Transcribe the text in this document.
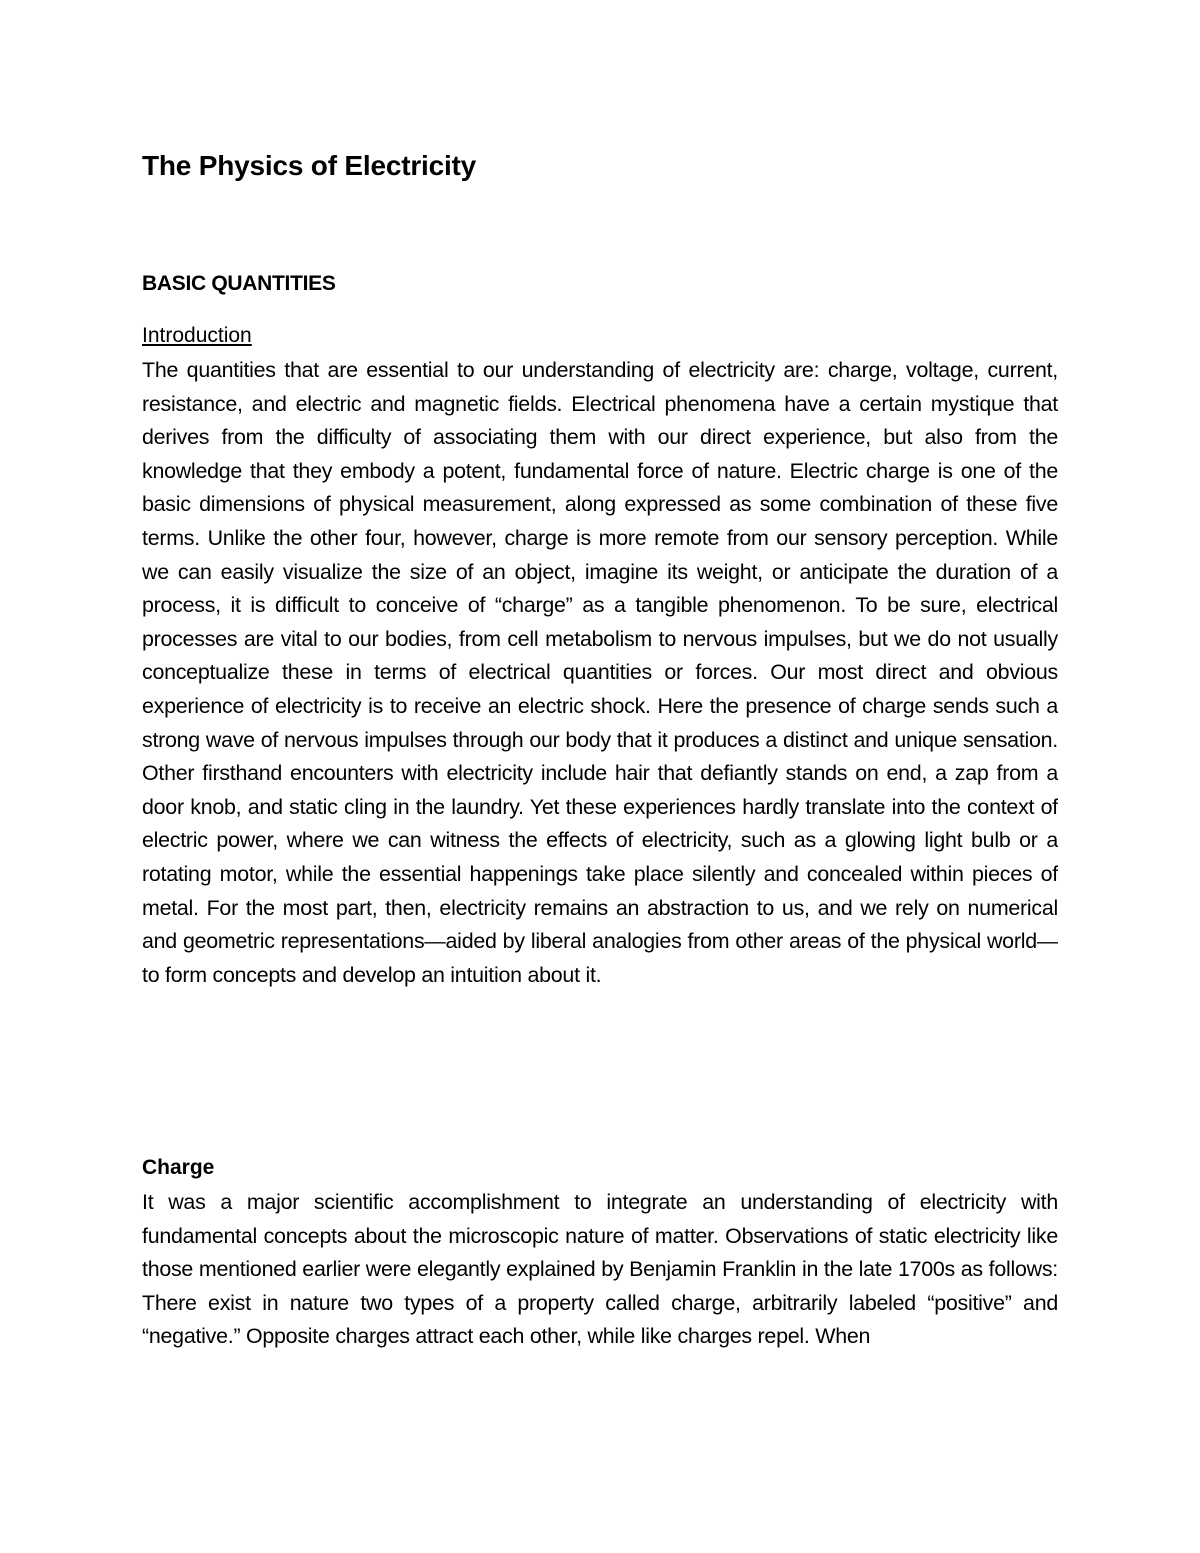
The Physics of Electricity
BASIC QUANTITIES
Introduction

The quantities that are essential to our understanding of electricity are: charge, voltage, current, resistance, and electric and magnetic fields. Electrical phenomena have a certain mystique that derives from the difficulty of associating them with our direct experience, but also from the knowledge that they embody a potent, fundamental force of nature. Electric charge is one of the basic dimensions of physical measurement, along expressed as some combination of these five terms. Unlike the other four, however, charge is more remote from our sensory perception. While we can easily visualize the size of an object, imagine its weight, or anticipate the duration of a process, it is difficult to conceive of “charge” as a tangible phenomenon. To be sure, electrical processes are vital to our bodies, from cell metabolism to nervous impulses, but we do not usually conceptualize these in terms of electrical quantities or forces. Our most direct and obvious experience of electricity is to receive an electric shock. Here the presence of charge sends such a strong wave of nervous impulses through our body that it produces a distinct and unique sensation. Other firsthand encounters with electricity include hair that defiantly stands on end, a zap from a door knob, and static cling in the laundry. Yet these experiences hardly translate into the context of electric power, where we can witness the effects of electricity, such as a glowing light bulb or a rotating motor, while the essential happenings take place silently and concealed within pieces of metal. For the most part, then, electricity remains an abstraction to us, and we rely on numerical and geometric representations—aided by liberal analogies from other areas of the physical world—to form concepts and develop an intuition about it.

Charge

It was a major scientific accomplishment to integrate an understanding of electricity with fundamental concepts about the microscopic nature of matter. Observations of static electricity like those mentioned earlier were elegantly explained by Benjamin Franklin in the late 1700s as follows: There exist in nature two types of a property called charge, arbitrarily labeled “positive” and “negative.” Opposite charges attract each other, while like charges repel. When
